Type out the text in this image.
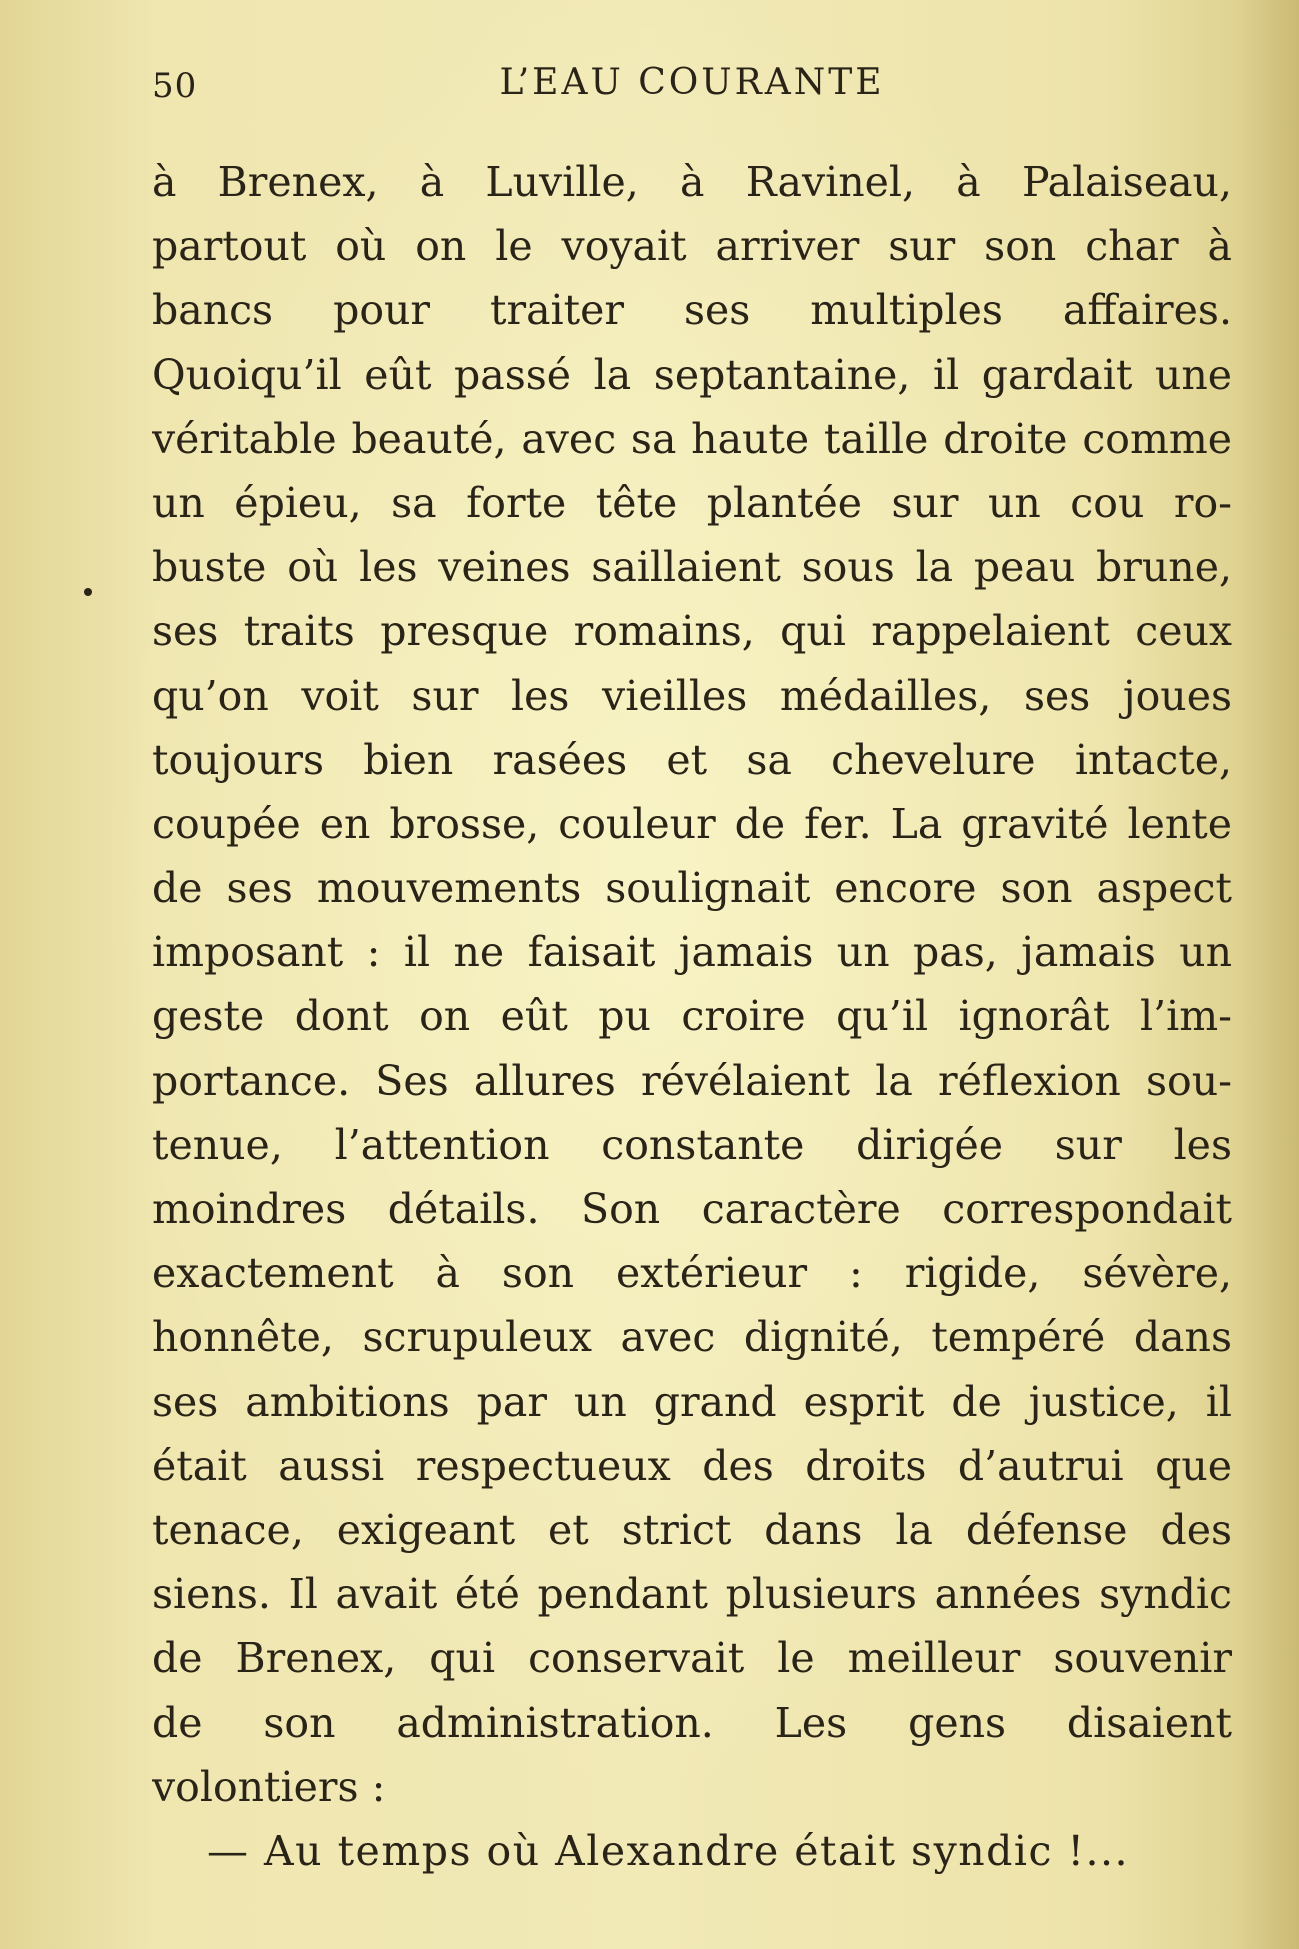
50	L’EAU COURANTE
à Brenex, à Luville, à Ravinel, à Palaiseau,
partout où on le voyait arriver sur son char à
bancs pour traiter ses multiples affaires.
Quoiqu’il eût passé la septantaine, il gardait une
véritable beauté, avec sa haute taille droite comme
un épieu, sa forte tête plantée sur un cou ro-
buste où les veines saillaient sous la peau brune,
ses traits presque romains, qui rappelaient ceux
qu’on voit sur les vieilles médailles, ses joues
toujours bien rasées et sa chevelure intacte,
coupée en brosse, couleur de fer. La gravité lente
de ses mouvements soulignait encore son aspect
imposant : il ne faisait jamais un pas, jamais un
geste dont on eût pu croire qu’il ignorât l’im-
portance. Ses allures révélaient la réflexion sou-
tenue, l’attention constante dirigée sur les
moindres détails. Son caractère correspondait
exactement à son extérieur : rigide, sévère,
honnête, scrupuleux avec dignité, tempéré dans
ses ambitions par un grand esprit de justice, il
était aussi respectueux des droits d’autrui que
tenace, exigeant et strict dans la défense des
siens. Il avait été pendant plusieurs années syndic
de Brenex, qui conservait le meilleur souvenir
de son administration. Les gens disaient
volontiers :
— Au temps où Alexandre était syndic !...
